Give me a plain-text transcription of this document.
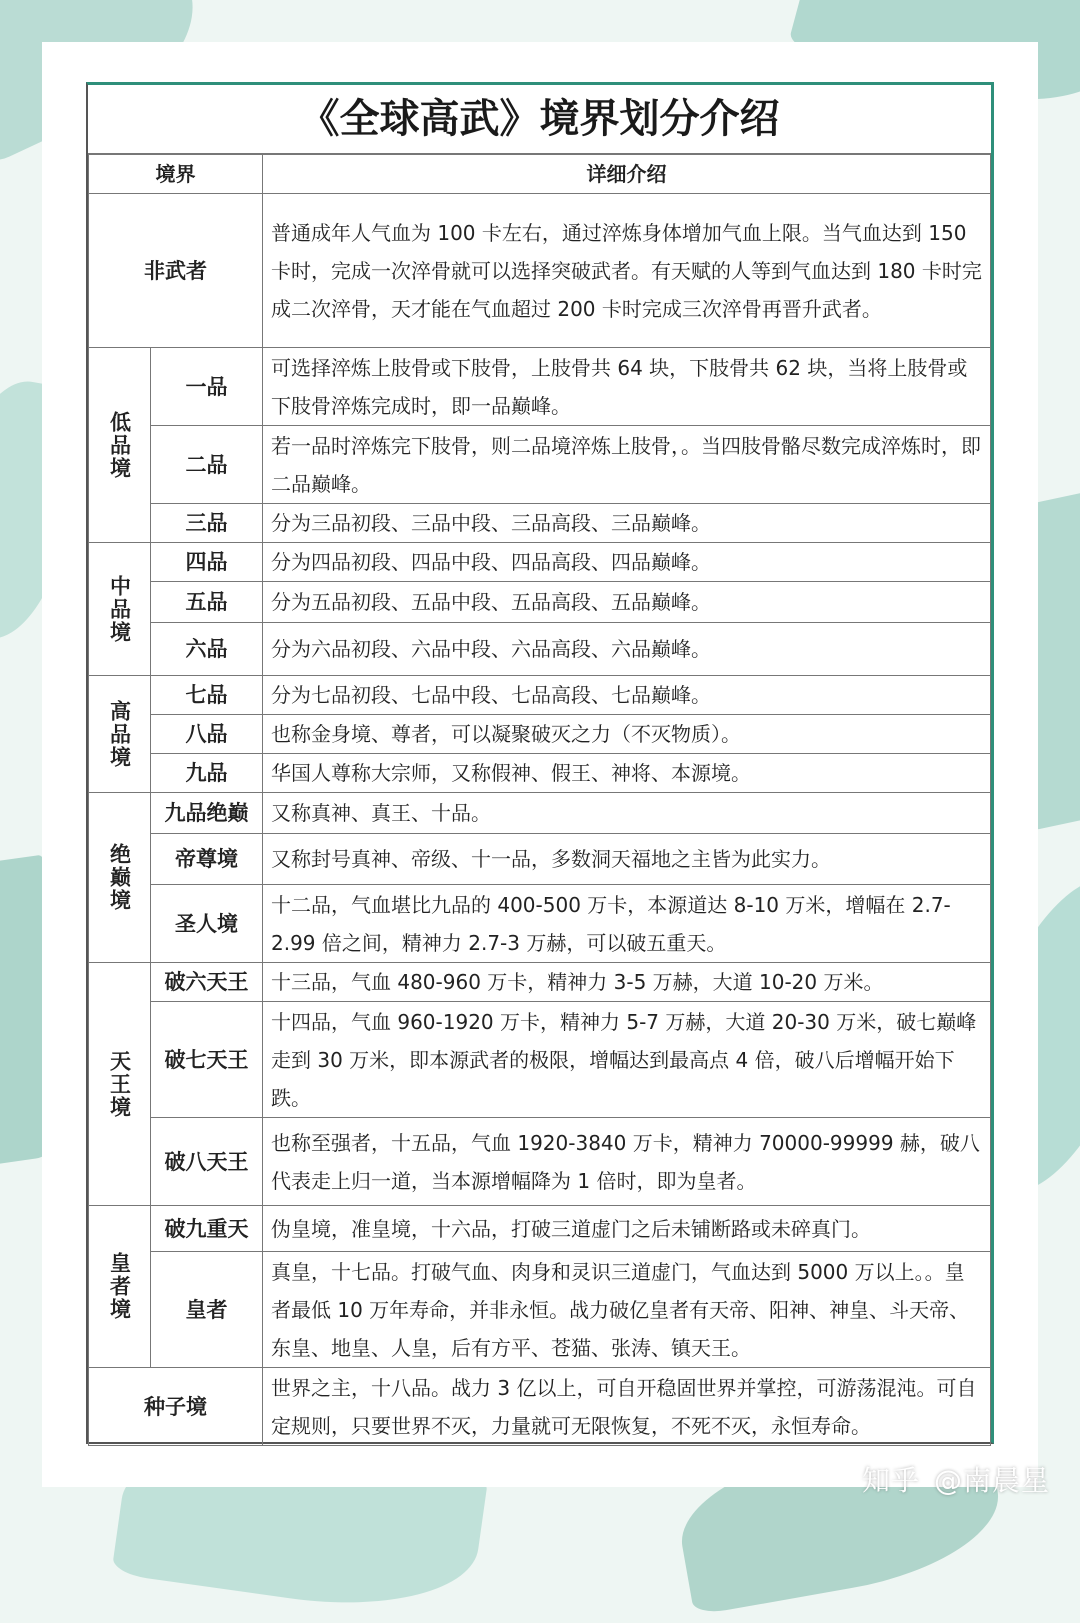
《全球高武》境界划分介绍
境界		详细介绍
非武者		普通成年人气血为 100 卡左右，通过淬炼身体增加气血上限。当气血达到 150 卡时，完成一次淬骨就可以选择突破武者。有天赋的人等到气血达到 180 卡时完成二次淬骨，天才能在气血超过 200 卡时完成三次淬骨再晋升武者。
低品境	一品	可选择淬炼上肢骨或下肢骨，上肢骨共 64 块，下肢骨共 62 块，当将上肢骨或下肢骨淬炼完成时，即一品巅峰。
	二品	若一品时淬炼完下肢骨，则二品境淬炼上肢骨，。当四肢骨骼尽数完成淬炼时，即二品巅峰。
	三品	分为三品初段、三品中段、三品高段、三品巅峰。
中品境	四品	分为四品初段、四品中段、四品高段、四品巅峰。
	五品	分为五品初段、五品中段、五品高段、五品巅峰。
	六品	分为六品初段、六品中段、六品高段、六品巅峰。
高品境	七品	分为七品初段、七品中段、七品高段、七品巅峰。
	八品	也称金身境、尊者，可以凝聚破灭之力（不灭物质）。
	九品	华国人尊称大宗师，又称假神、假王、神将、本源境。
绝巅境	九品绝巅	又称真神、真王、十品。
	帝尊境	又称封号真神、帝级、十一品，多数洞天福地之主皆为此实力。
	圣人境	十二品，气血堪比九品的 400-500 万卡，本源道达 8-10 万米，增幅在 2.7-2.99 倍之间，精神力 2.7-3 万赫，可以破五重天。
天王境	破六天王	十三品，气血 480-960 万卡，精神力 3-5 万赫，大道 10-20 万米。
	破七天王	十四品，气血 960-1920 万卡，精神力 5-7 万赫，大道 20-30 万米，破七巅峰走到 30 万米，即本源武者的极限，增幅达到最高点 4 倍，破八后增幅开始下跌。
	破八天王	也称至强者，十五品，气血 1920-3840 万卡，精神力 70000-99999 赫，破八代表走上归一道，当本源增幅降为 1 倍时，即为皇者。
皇者境	破九重天	伪皇境，准皇境，十六品，打破三道虚门之后未铺断路或未碎真门。
	皇者	真皇，十七品。打破气血、肉身和灵识三道虚门，气血达到 5000 万以上。。皇者最低 10 万年寿命，并非永恒。战力破亿皇者有天帝、阳神、神皇、斗天帝、东皇、地皇、人皇，后有方平、苍猫、张涛、镇天王。
种子境		世界之主，十八品。战力 3 亿以上，可自开稳固世界并掌控，可游荡混沌。可自定规则，只要世界不灭，力量就可无限恢复，不死不灭，永恒寿命。
知乎 @南晨星
